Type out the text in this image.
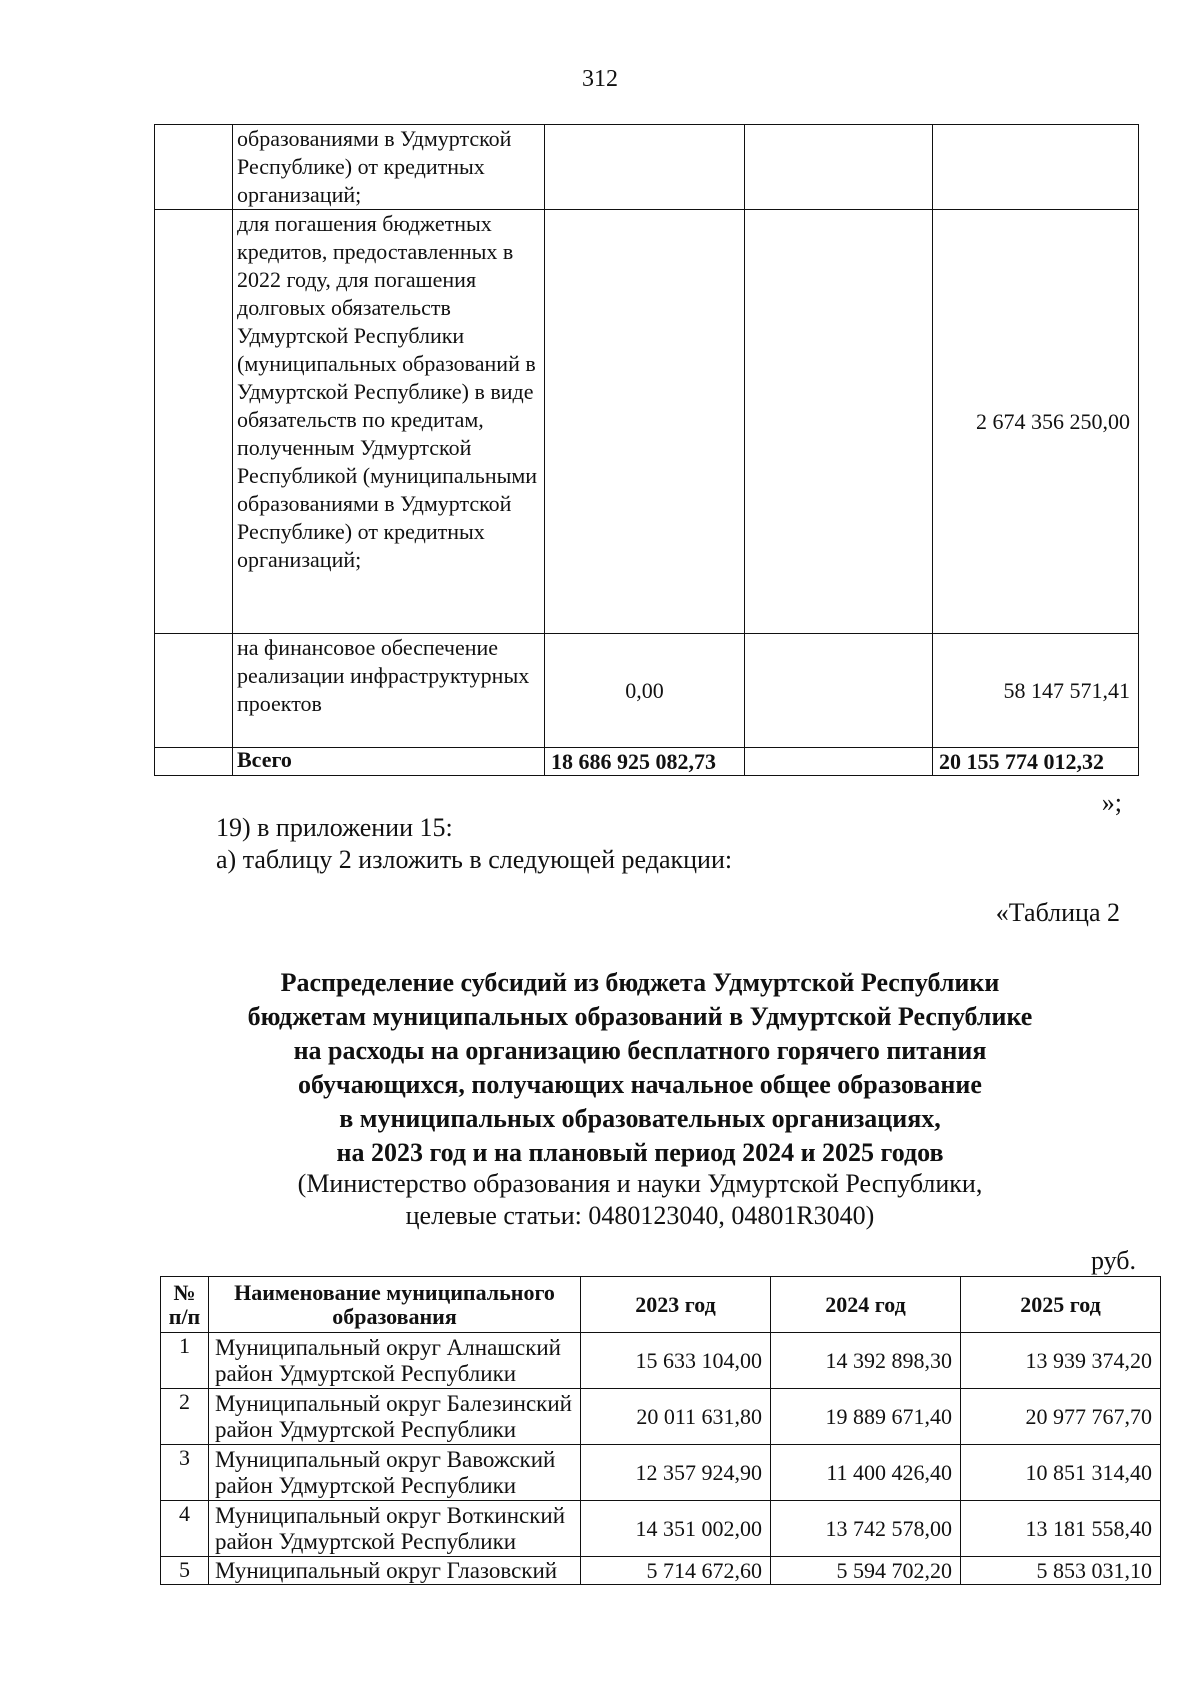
312
	образованиями в Удмуртской Республике) от кредитных организаций;			
	для погашения бюджетных кредитов, предоставленных в 2022 году, для погашения долговых обязательств Удмуртской Республики (муниципальных образований в Удмуртской Республике) в виде обязательств по кредитам, полученным Удмуртской Республикой (муниципальными образованиями в Удмуртской Республике) от кредитных организаций;			2 674 356 250,00
	на финансовое обеспечение реализации инфраструктурных проектов	0,00		58 147 571,41
	Всего	18 686 925 082,73		20 155 774 012,32
»;
19) в приложении 15:
а) таблицу 2 изложить в следующей редакции:
«Таблица 2
Распределение субсидий из бюджета Удмуртской Республики
бюджетам муниципальных образований в Удмуртской Республике
на расходы на организацию бесплатного горячего питания
обучающихся, получающих начальное общее образование
в муниципальных образовательных организациях,
на 2023 год и на плановый период 2024 и 2025 годов
(Министерство образования и науки Удмуртской Республики,
целевые статьи: 0480123040, 04801R3040)
руб.
№ п/п	Наименование муниципального образования	2023 год	2024 год	2025 год
1	Муниципальный округ Алнашский район Удмуртской Республики	15 633 104,00	14 392 898,30	13 939 374,20
2	Муниципальный округ Балезинский район Удмуртской Республики	20 011 631,80	19 889 671,40	20 977 767,70
3	Муниципальный округ Вавожский район Удмуртской Республики	12 357 924,90	11 400 426,40	10 851 314,40
4	Муниципальный округ Воткинский район Удмуртской Республики	14 351 002,00	13 742 578,00	13 181 558,40
5	Муниципальный округ Глазовский	5 714 672,60	5 594 702,20	5 853 031,10
